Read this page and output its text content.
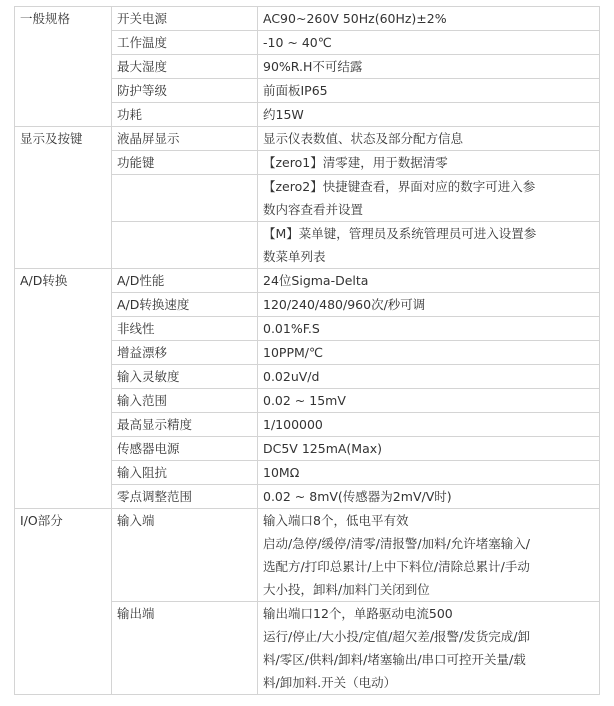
一般规格	开关电源	AC90~260V 50Hz(60Hz)±2%

	工作温度	-10 ~ 40℃

	最大湿度	90%R.H不可结露

	防护等级	前面板IP65

	功耗	约15W

显示及按键	液晶屏显示	显示仪表数值、状态及部分配方信息

	功能键	【zero1】清零建，用于数据清零

		【zero2】快捷键查看，界面对应的数字可进入参
数内容查看并设置

		【M】菜单键，管理员及系统管理员可进入设置参
数菜单列表

A/D转换	A/D性能	24位Sigma-Delta

	A/D转换速度	120/240/480/960次/秒可调

	非线性	0.01%F.S

	增益漂移	10PPM/℃

	输入灵敏度	0.02uV/d

	输入范围	0.02 ~ 15mV

	最高显示精度	1/100000

	传感器电源	DC5V 125mA(Max)

	输入阻抗	10MΩ

	零点调整范围	0.02 ~ 8mV(传感器为2mV/V时)

I/O部分	输入端	输入端口8个，低电平有效
启动/急停/缓停/清零/清报警/加料/允许堵塞输入/
选配方/打印总累计/上中下料位/清除总累计/手动
大小投，卸料/加料门关闭到位

	输出端	输出端口12个，单路驱动电流500
运行/停止/大小投/定值/超欠差/报警/发货完成/卸
料/零区/供料/卸料/堵塞输出/串口可控开关量/载
料/卸加料.开关（电动）
